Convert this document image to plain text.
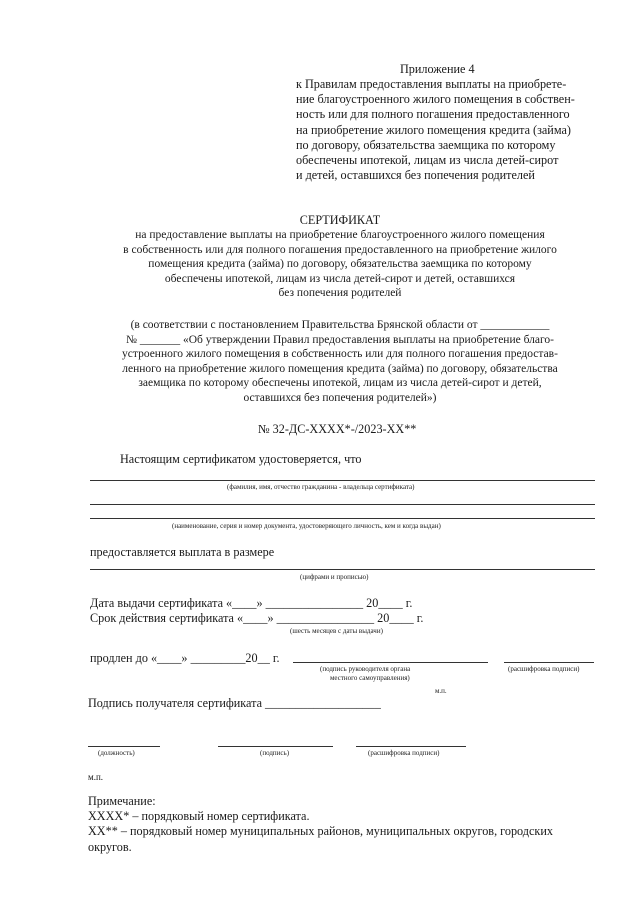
Приложение 4
к Правилам предоставления выплаты на приобрете-
ние благоустроенного жилого помещения в собствен-
ность или для полного погашения предоставленного
на приобретение жилого помещения кредита (займа)
по договору, обязательства заемщика по которому
обеспечены ипотекой, лицам из числа детей-сирот
и детей, оставшихся без попечения родителей
СЕРТИФИКАТ
на предоставление выплаты на приобретение благоустроенного жилого помещения
в собственность или для полного погашения предоставленного на приобретение жилого
помещения кредита (займа) по договору, обязательства заемщика по которому
обеспечены ипотекой, лицам из числа детей-сирот и детей, оставшихся
без попечения родителей
(в соответствии с постановлением Правительства Брянской области от ____________
№ _______ «Об утверждении Правил предоставления выплаты на приобретение благо-
устроенного жилого помещения в собственность или для полного погашения предостав-
ленного на приобретение жилого помещения кредита (займа) по договору, обязательства
заемщика по которому обеспечены ипотекой, лицам из числа детей-сирот и детей,
оставшихся без попечения родителей»)
№ 32-ДС-XXXX*-/2023-XX**
Настоящим сертификатом удостоверяется, что
(фамилия, имя, отчество гражданина - владельца сертификата)
(наименование, серия и номер документа, удостоверяющего личность, кем и когда выдан)
предоставляется выплата в размере
(цифрами и прописью)
Дата выдачи сертификата «____» ________________ 20____ г.
Срок действия сертификата «____» ________________ 20____ г.
(шесть месяцев с даты выдачи)
продлен до «____» _________20__ г.
(подпись руководителя органа
местного самоуправления)
(расшифровка подписи)
м.п.
Подпись получателя сертификата ___________________
(должность)	(подпись)	(расшифровка подписи)
м.п.
Примечание:
XXXX* – порядковый номер сертификата.
XX** – порядковый номер муниципальных районов, муниципальных округов, городских
округов.
